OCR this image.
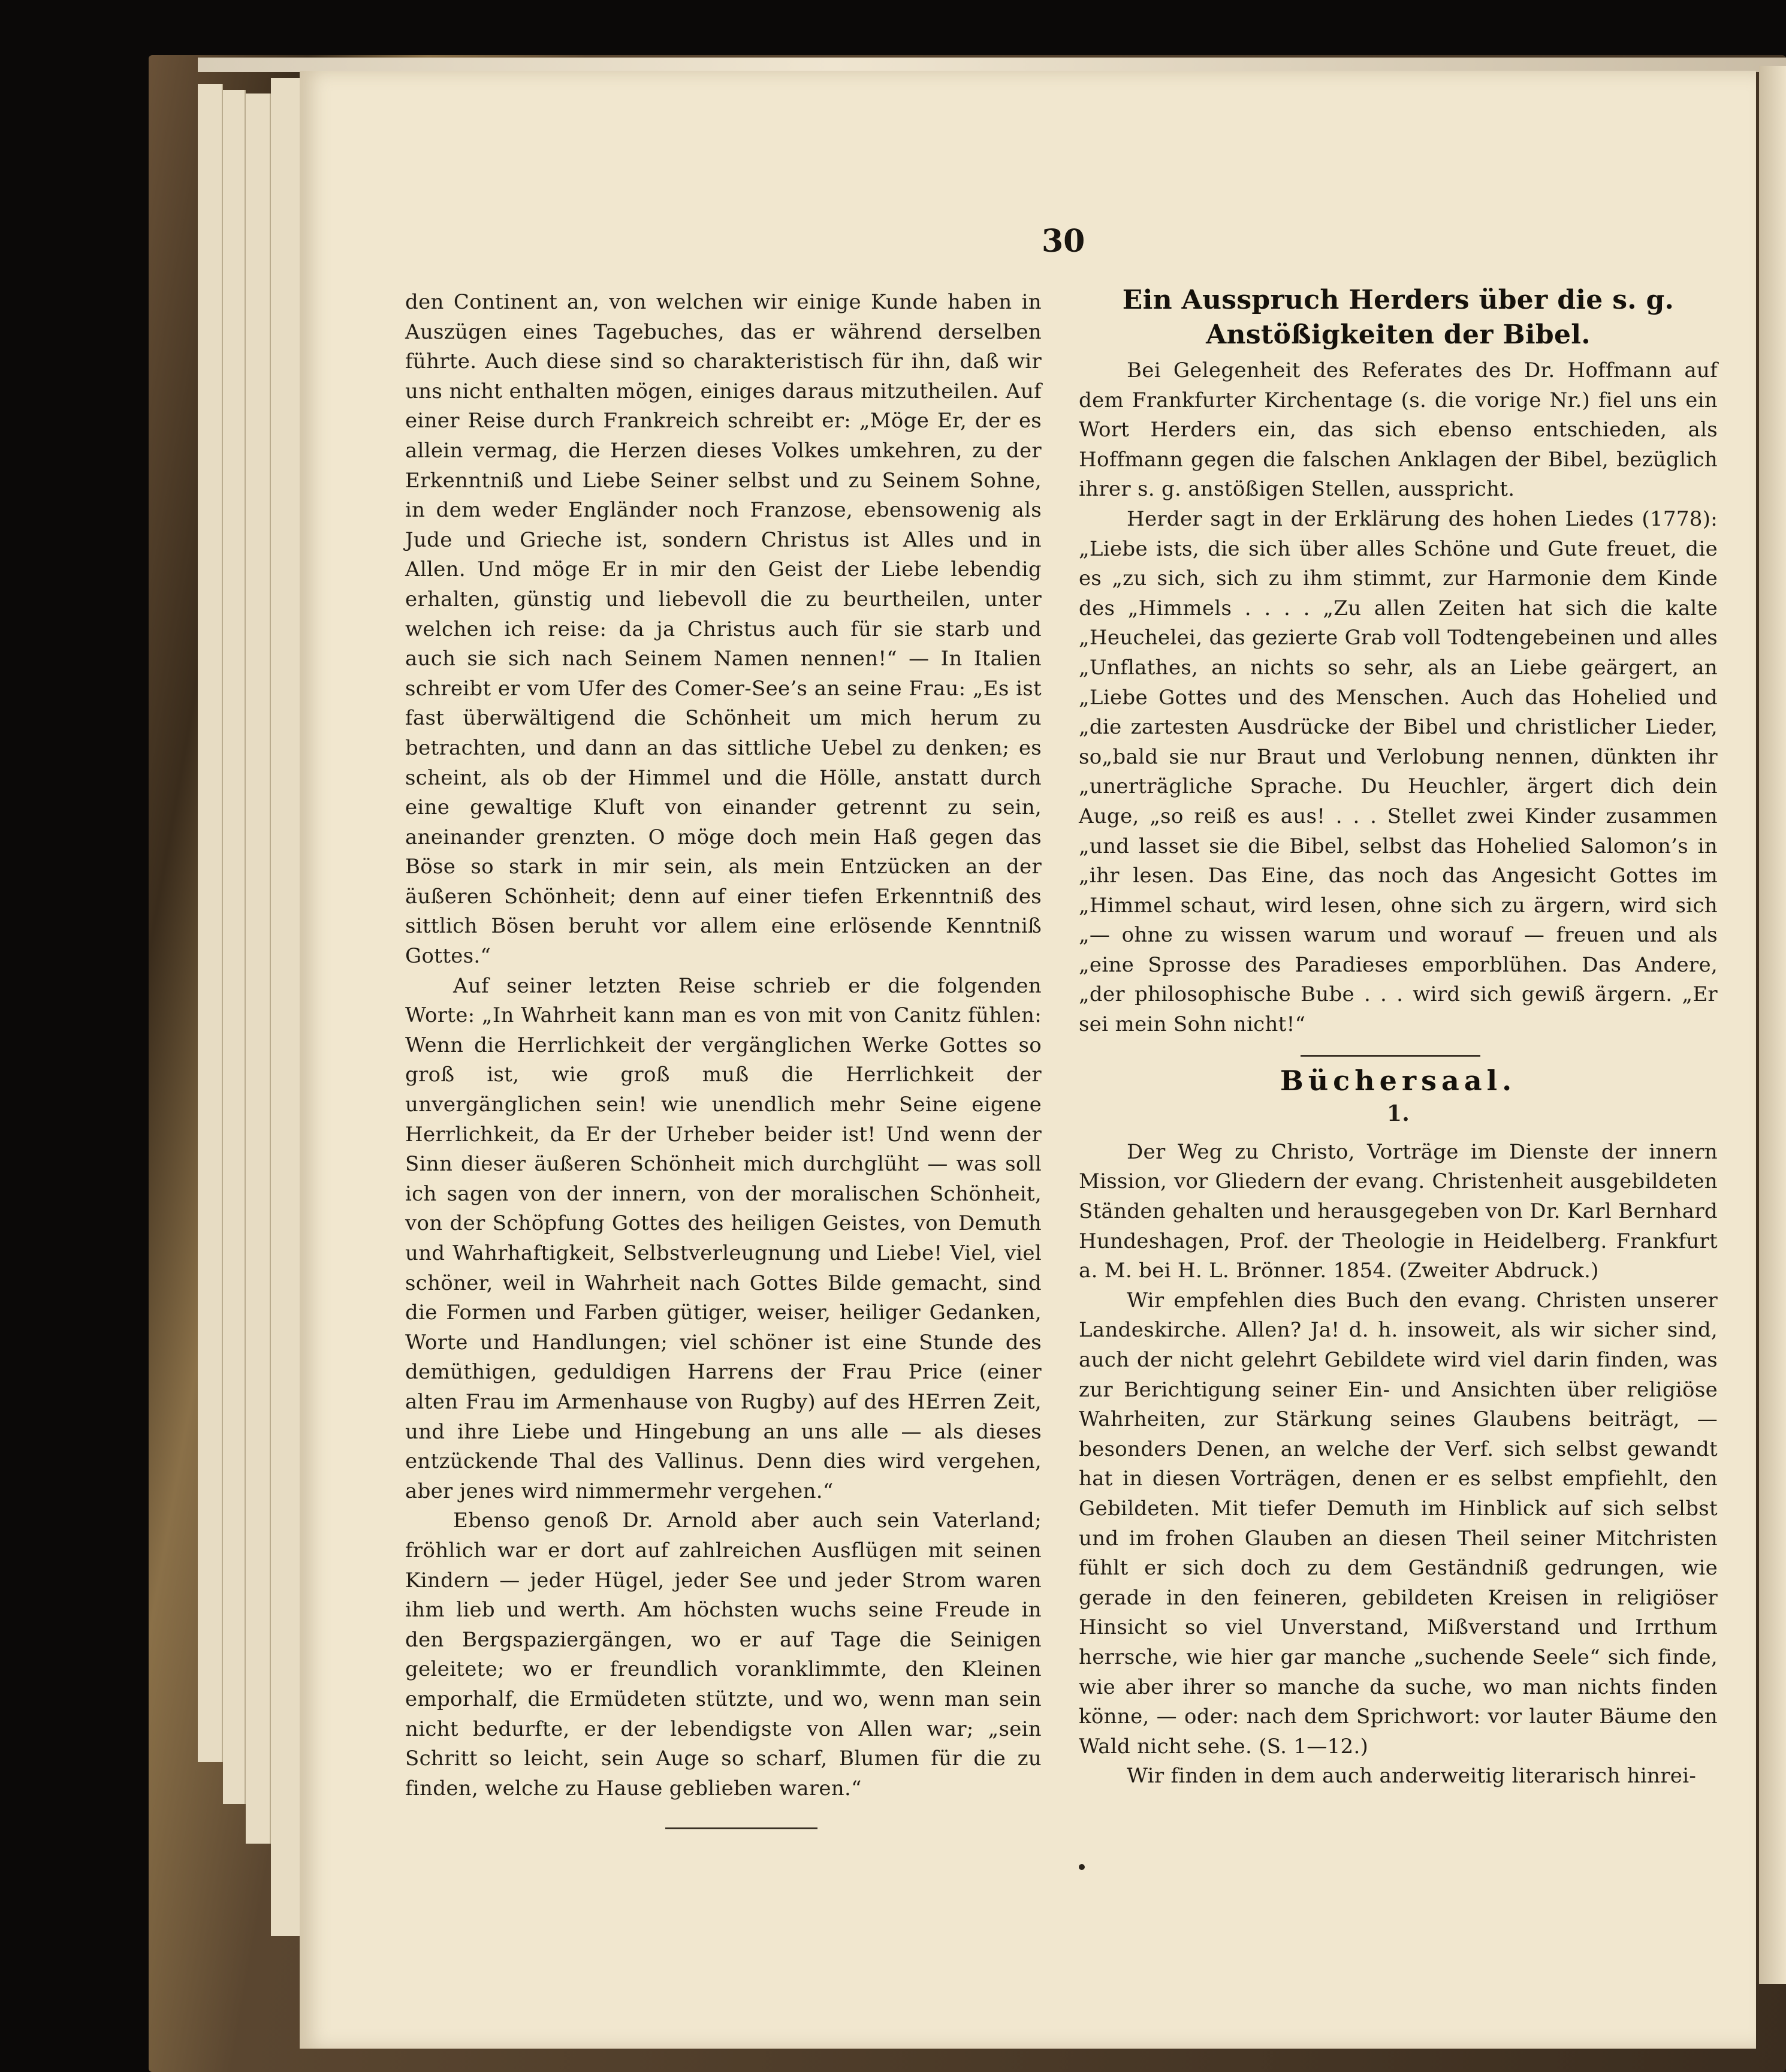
30

den Continent an, von welchen wir einige Kunde haben in Auszügen eines Tagebuches, das er während derselben führte. Auch diese sind so charakteristisch für ihn, daß wir uns nicht enthalten mögen, einiges daraus mitzutheilen. Auf einer Reise durch Frankreich schreibt er: „Möge Er, der es allein vermag, die Herzen dieses Volkes umkehren, zu der Erkenntniß und Liebe Seiner selbst und zu Seinem Sohne, in dem weder Engländer noch Franzose, ebensowenig als Jude und Grieche ist, sondern Christus ist Alles und in Allen. Und möge Er in mir den Geist der Liebe lebendig erhalten, günstig und liebevoll die zu beurtheilen, unter welchen ich reise: da ja Christus auch für sie starb und auch sie sich nach Seinem Namen nennen!“ — In Italien schreibt er vom Ufer des Comer-See’s an seine Frau: „Es ist fast überwältigend die Schönheit um mich herum zu betrachten, und dann an das sittliche Uebel zu denken; es scheint, als ob der Himmel und die Hölle, anstatt durch eine gewaltige Kluft von einander getrennt zu sein, aneinander grenzten. O möge doch mein Haß gegen das Böse so stark in mir sein, als mein Entzücken an der äußeren Schönheit; denn auf einer tiefen Erkenntniß des sittlich Bösen beruht vor allem eine erlösende Kenntniß Gottes.“

Auf seiner letzten Reise schrieb er die folgenden Worte: „In Wahrheit kann man es von mit von Canitz fühlen: Wenn die Herrlichkeit der vergänglichen Werke Gottes so groß ist, wie groß muß die Herrlichkeit der unvergänglichen sein! wie unendlich mehr Seine eigene Herrlichkeit, da Er der Urheber beider ist! Und wenn der Sinn dieser äußeren Schönheit mich durchglüht — was soll ich sagen von der innern, von der moralischen Schönheit, von der Schöpfung Gottes des heiligen Geistes, von Demuth und Wahrhaftigkeit, Selbstverleugnung und Liebe! Viel, viel schöner, weil in Wahrheit nach Gottes Bilde gemacht, sind die Formen und Farben gütiger, weiser, heiliger Gedanken, Worte und Handlungen; viel schöner ist eine Stunde des demüthigen, geduldigen Harrens der Frau Price (einer alten Frau im Armenhause von Rugby) auf des HErren Zeit, und ihre Liebe und Hingebung an uns alle — als dieses entzückende Thal des Vallinus. Denn dies wird vergehen, aber jenes wird nimmermehr vergehen.“

Ebenso genoß Dr. Arnold aber auch sein Vaterland; fröhlich war er dort auf zahlreichen Ausflügen mit seinen Kindern — jeder Hügel, jeder See und jeder Strom waren ihm lieb und werth. Am höchsten wuchs seine Freude in den Bergspaziergängen, wo er auf Tage die Seinigen geleitete; wo er freundlich voranklimmte, den Kleinen emporhalf, die Ermüdeten stützte, und wo, wenn man sein nicht bedurfte, er der lebendigste von Allen war; „sein Schritt so leicht, sein Auge so scharf, Blumen für die zu finden, welche zu Hause geblieben waren.“

Ein Ausspruch Herders über die s. g. Anstößigkeiten der Bibel.

Bei Gelegenheit des Referates des Dr. Hoffmann auf dem Frankfurter Kirchentage (s. die vorige Nr.) fiel uns ein Wort Herders ein, das sich ebenso entschieden, als Hoffmann gegen die falschen Anklagen der Bibel, bezüglich ihrer s. g. anstößigen Stellen, ausspricht.

Herder sagt in der Erklärung des hohen Liedes (1778): „Liebe ists, die sich über alles Schöne und Gute freuet, die es „zu sich, sich zu ihm stimmt, zur Harmonie dem Kinde des „Himmels . . . . „Zu allen Zeiten hat sich die kalte „Heuchelei, das gezierte Grab voll Todtengebeinen und alles „Unflathes, an nichts so sehr, als an Liebe geärgert, an „Liebe Gottes und des Menschen. Auch das Hohelied und „die zartesten Ausdrücke der Bibel und christlicher Lieder, so„bald sie nur Braut und Verlobung nennen, dünkten ihr „unerträgliche Sprache. Du Heuchler, ärgert dich dein Auge, „so reiß es aus! . . . Stellet zwei Kinder zusammen „und lasset sie die Bibel, selbst das Hohelied Salomon’s in „ihr lesen. Das Eine, das noch das Angesicht Gottes im „Himmel schaut, wird lesen, ohne sich zu ärgern, wird sich „— ohne zu wissen warum und worauf — freuen und als „eine Sprosse des Paradieses emporblühen. Das Andere, „der philosophische Bube . . . wird sich gewiß ärgern. „Er sei mein Sohn nicht!“

Büchersaal.
1.

Der Weg zu Christo, Vorträge im Dienste der innern Mission, vor Gliedern der evang. Christenheit ausgebildeten Ständen gehalten und herausgegeben von Dr. Karl Bernhard Hundeshagen, Prof. der Theologie in Heidelberg. Frankfurt a. M. bei H. L. Brönner. 1854. (Zweiter Abdruck.)

Wir empfehlen dies Buch den evang. Christen unserer Landeskirche. Allen? Ja! d. h. insoweit, als wir sicher sind, auch der nicht gelehrt Gebildete wird viel darin finden, was zur Berichtigung seiner Ein- und Ansichten über religiöse Wahrheiten, zur Stärkung seines Glaubens beiträgt, — besonders Denen, an welche der Verf. sich selbst gewandt hat in diesen Vorträgen, denen er es selbst empfiehlt, den Gebildeten. Mit tiefer Demuth im Hinblick auf sich selbst und im frohen Glauben an diesen Theil seiner Mitchristen fühlt er sich doch zu dem Geständniß gedrungen, wie gerade in den feineren, gebildeten Kreisen in religiöser Hinsicht so viel Unverstand, Mißverstand und Irrthum herrsche, wie hier gar manche „suchende Seele“ sich finde, wie aber ihrer so manche da suche, wo man nichts finden könne, — oder: nach dem Sprichwort: vor lauter Bäume den Wald nicht sehe. (S. 1—12.)

Wir finden in dem auch anderweitig literarisch hinrei-
